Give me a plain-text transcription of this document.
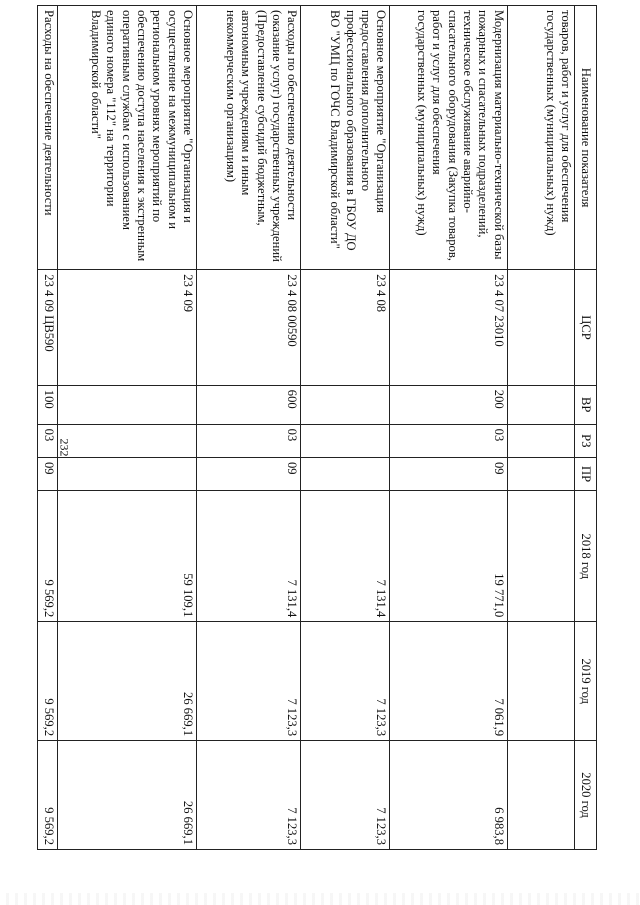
232
Наименование показателя	ЦСР	ВР	РЗ	ПР	2018 год	2019 год	2020 год
товаров, работ и услуг для обеспечения государственных (муниципальных) нужд)							
Модернизация материально-технической базы пожарных и спасательных подразделений, техническое обслуживание аварийно-спасательного оборудования (Закупка товаров, работ и услуг для обеспечения государственных (муниципальных) нужд)	23 4 07 23010	200	03	09	19 771,0	7 061,9	6 983,8
Основное мероприятие "Организация предоставления дополнительного профессионального образования в ГБОУ ДО ВО "УМЦ по ГОЧС Владимирской области"	23 4 08				7 131,4	7 123,3	7 123,3
Расходы по обеспечению деятельности (оказание услуг) государственных учреждений (Предоставление субсидий бюджетным, автономным учреждениям и иным некоммерческим организациям)	23 4 08 00590	600	03	09	7 131,4	7 123,3	7 123,3
Основное мероприятие "Организация и осуществление на межмуниципальном и региональном уровнях мероприятий по обеспечению доступа населения к экстренным оперативным службам с использованием единого номера "112" на территории Владимирской области"	23 4 09				59 109,1	26 669,1	26 669,1
Расходы на обеспечение деятельности	23 4 09 ЦВ590	100	03	09	9 569,2	9 569,2	9 569,2
